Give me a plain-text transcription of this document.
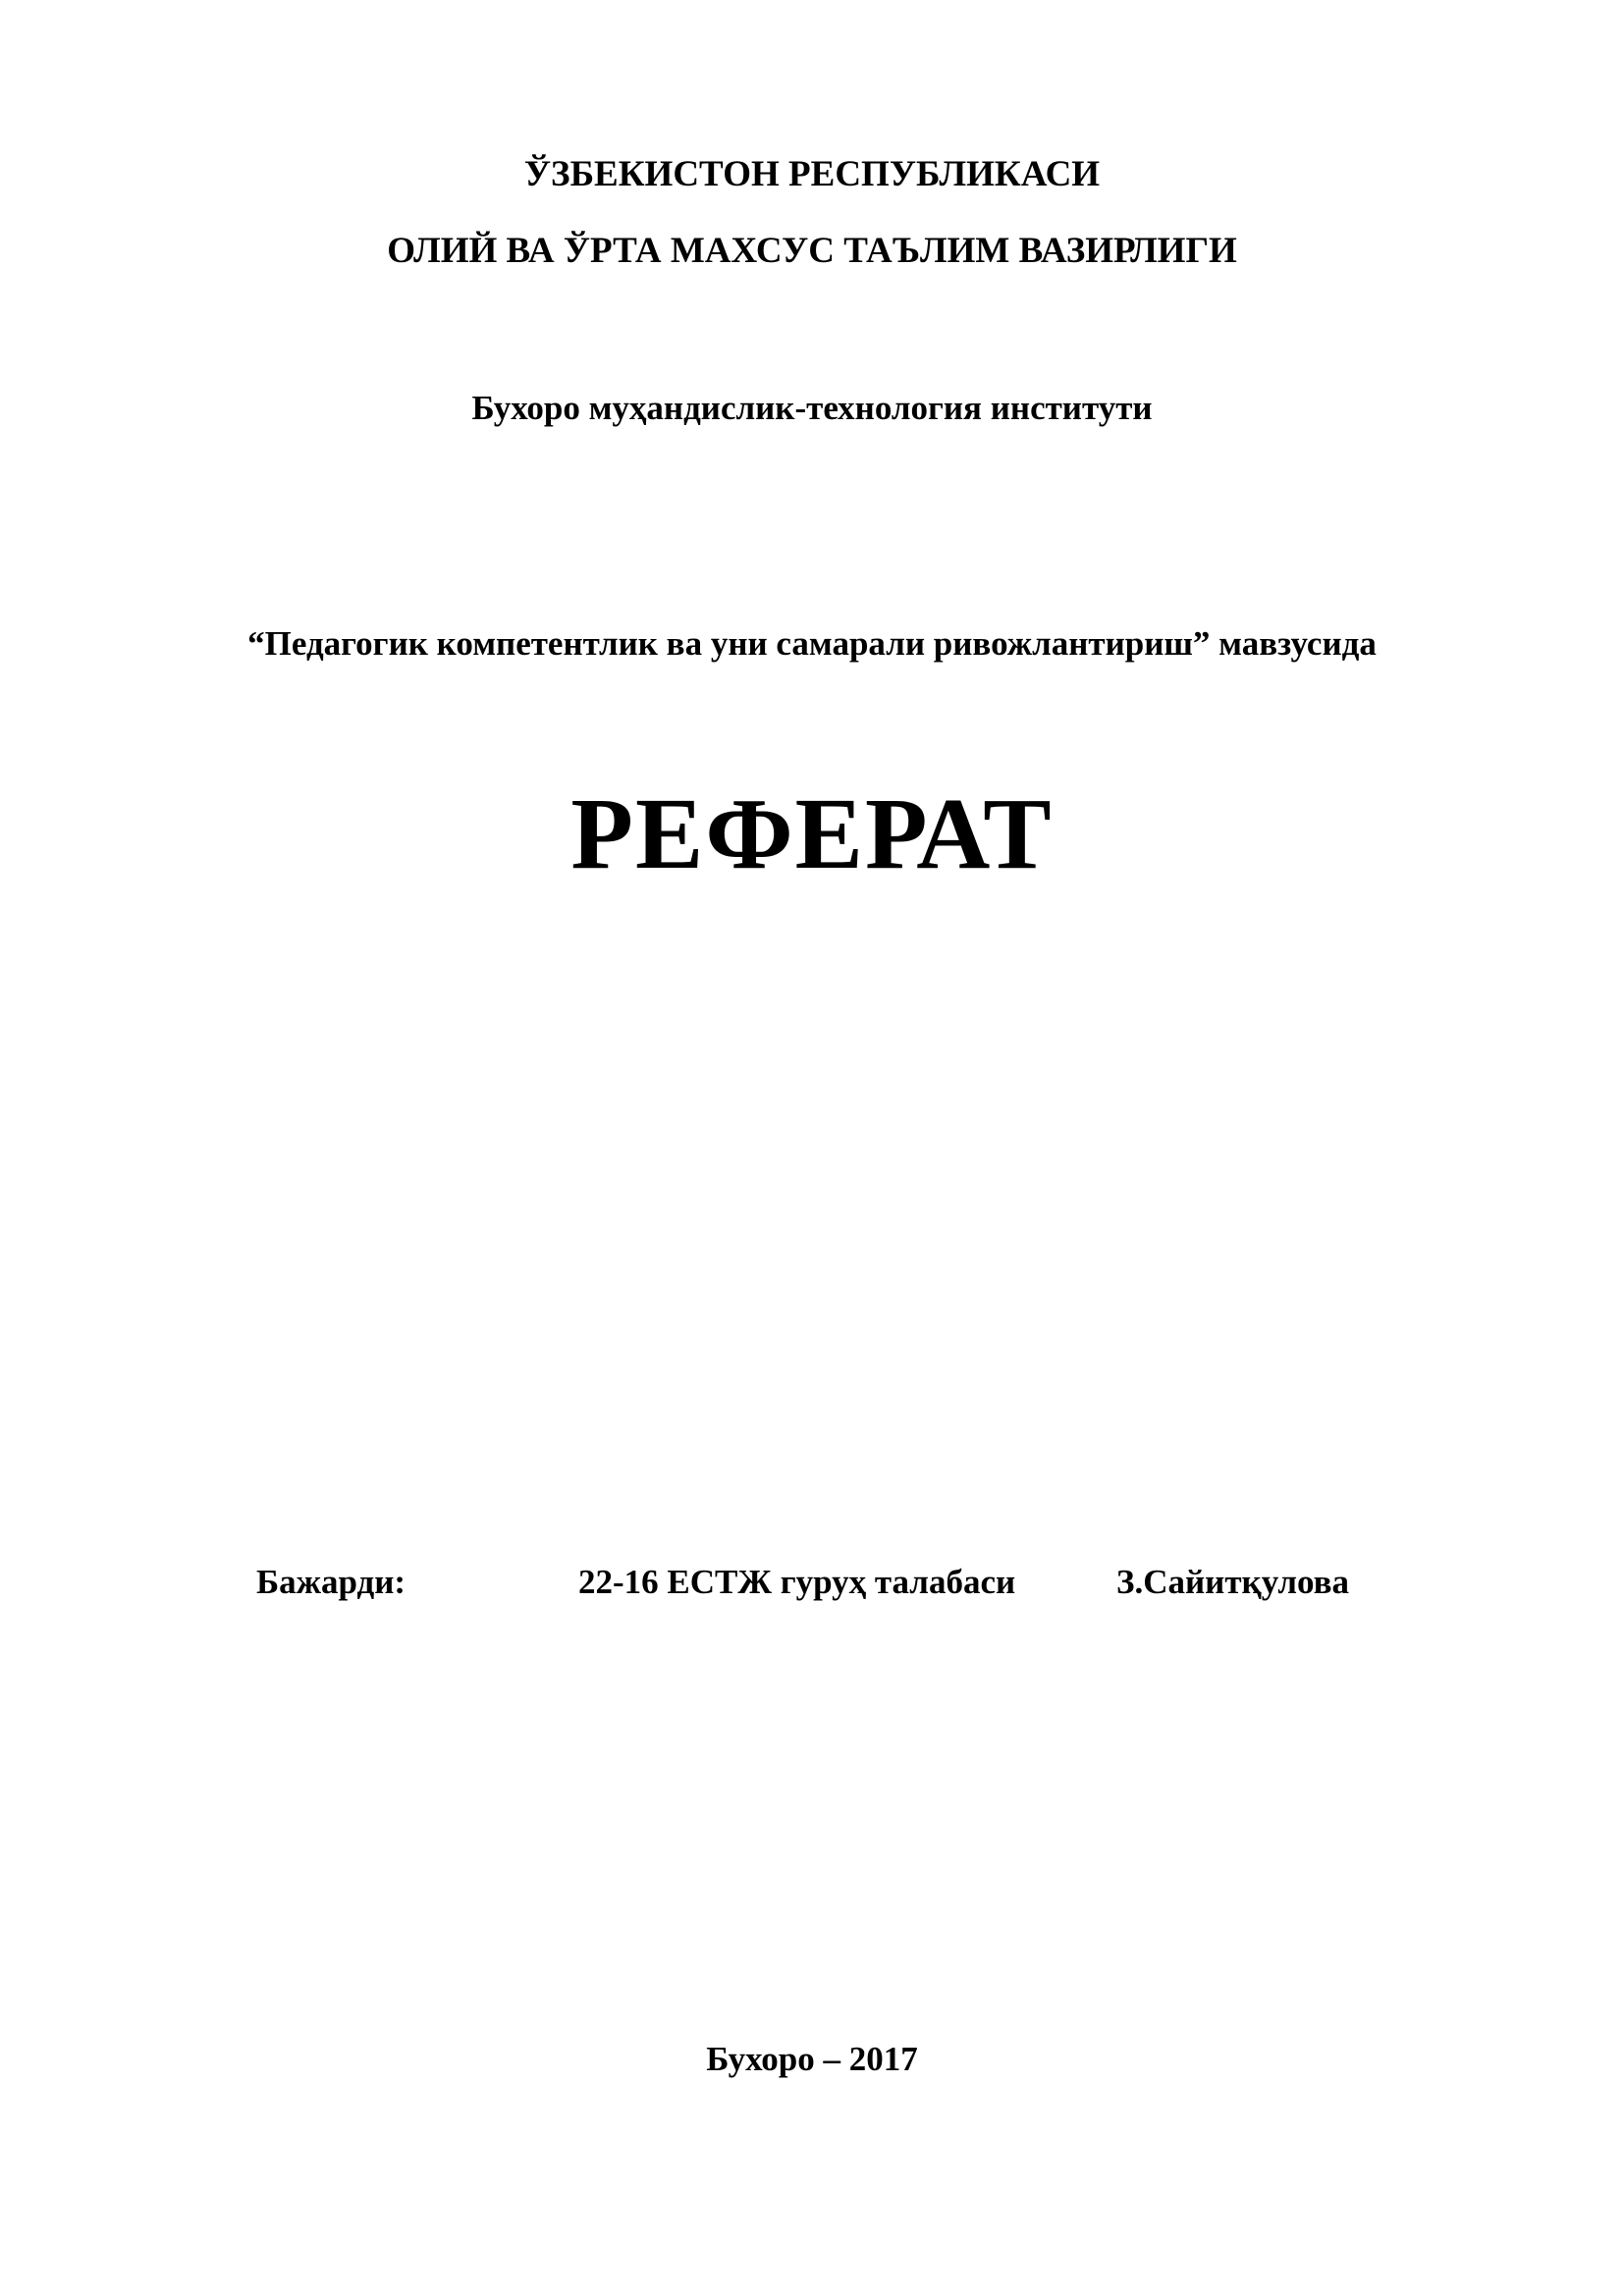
ЎЗБЕКИСТОН РЕСПУБЛИКАСИ
ОЛИЙ ВА ЎРТА МАХСУС ТАЪЛИМ ВАЗИРЛИГИ
Бухоро муҳандислик-технология институти
“Педагогик компетентлик ва уни самарали ривожлантириш” мавзусида
РЕФЕРАТ
Бажарди:	22-16 ЕСТЖ гуруҳ талабаси	З.Сайитқулова
Бухоро – 2017
